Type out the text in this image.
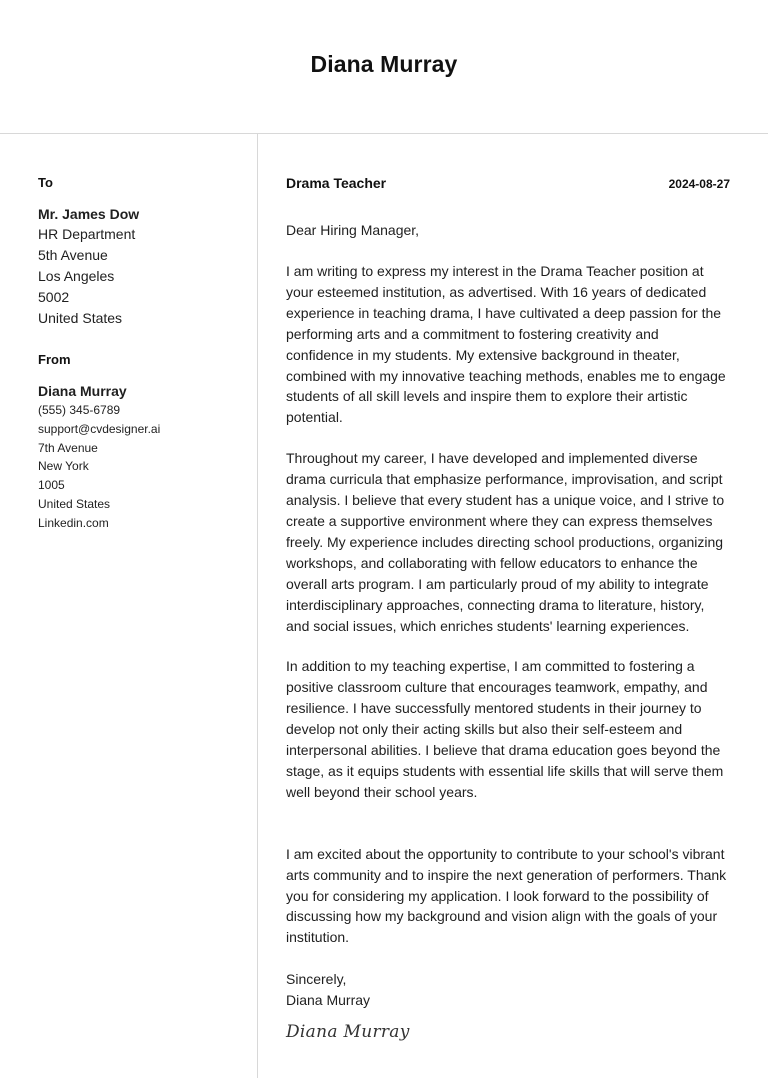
Diana Murray
To
Mr. James Dow
HR Department
5th Avenue
Los Angeles
5002
United States
From
Diana Murray
(555) 345-6789
support@cvdesigner.ai
7th Avenue
New York
1005
United States
Linkedin.com
Drama Teacher	2024-08-27
Dear Hiring Manager,
I am writing to express my interest in the Drama Teacher position at your esteemed institution, as advertised. With 16 years of dedicated experience in teaching drama, I have cultivated a deep passion for the performing arts and a commitment to fostering creativity and confidence in my students. My extensive background in theater, combined with my innovative teaching methods, enables me to engage students of all skill levels and inspire them to explore their artistic potential.
Throughout my career, I have developed and implemented diverse drama curricula that emphasize performance, improvisation, and script analysis. I believe that every student has a unique voice, and I strive to create a supportive environment where they can express themselves freely. My experience includes directing school productions, organizing workshops, and collaborating with fellow educators to enhance the overall arts program. I am particularly proud of my ability to integrate interdisciplinary approaches, connecting drama to literature, history, and social issues, which enriches students' learning experiences.
In addition to my teaching expertise, I am committed to fostering a positive classroom culture that encourages teamwork, empathy, and resilience. I have successfully mentored students in their journey to develop not only their acting skills but also their self-esteem and interpersonal abilities. I believe that drama education goes beyond the stage, as it equips students with essential life skills that will serve them well beyond their school years.
I am excited about the opportunity to contribute to your school's vibrant arts community and to inspire the next generation of performers. Thank you for considering my application. I look forward to the possibility of discussing how my background and vision align with the goals of your institution.
Sincerely,
Diana Murray
Diana Murray
